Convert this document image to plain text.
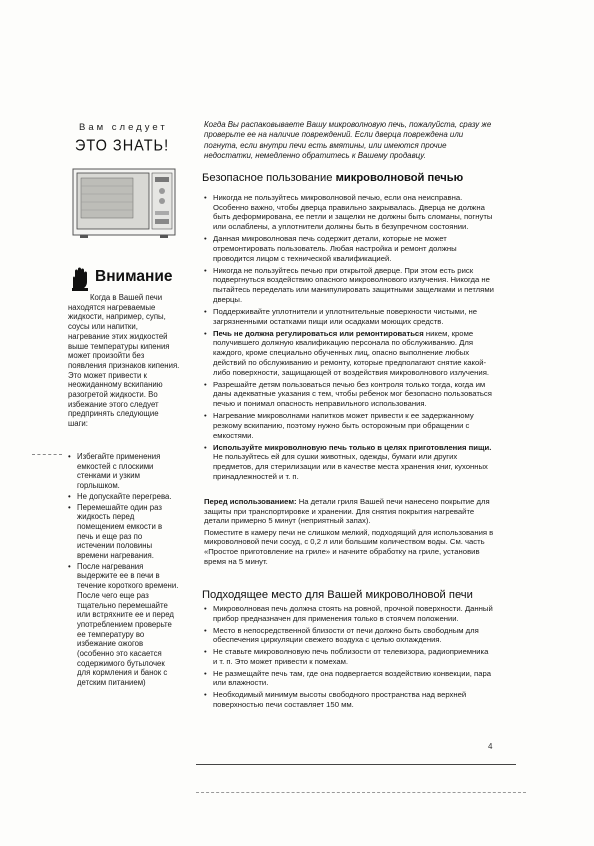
Вам следует
ЭТО ЗНАТЬ!
Внимание

Когда в Вашей печи находятся нагреваемые жидкости, например, супы, соусы или напитки, нагревание этих жидкостей выше температуры кипения может произойти без появления признаков кипения. Это может привести к неожиданному вскипанию разогретой жидкости. Во избежание этого следует предпринять следующие шаги:

• Избегайте применения емкостей с плоскими стенками и узким горлышком.
• Не допускайте перегрева.
• Перемешайте один раз жидкость перед помещением емкости в печь и еще раз по истечении половины времени нагревания.
• После нагревания выдержите ее в печи в течение короткого времени. После чего еще раз тщательно перемешайте или встряхните ее и перед употреблением проверьте ее температуру во избежание ожогов (особенно это касается содержимого бутылочек для кормления и банок с детским питанием)
Когда Вы распаковываете Вашу микроволновую печь, пожалуйста, сразу же проверьте ее на наличие повреждений. Если дверца повреждена или погнута, если внутри печи есть вмятины, или имеются прочие недостатки, немедленно обратитесь к Вашему продавцу.
Безопасное пользование микроволновой печью
• Никогда не пользуйтесь микроволновой печью, если она неисправна. Особенно важно, чтобы дверца правильно закрывалась. Дверца не должна быть деформирована, ее петли и защелки не должны быть сломаны, погнуты или ослаблены, а уплотнители должны быть в безупречном состоянии.
• Данная микроволновая печь содержит детали, которые не может отремонтировать пользователь. Любая настройка и ремонт должны проводится лицом с технической квалификацией.
• Никогда не пользуйтесь печью при открытой дверце. При этом есть риск подвергнуться воздействию опасного микроволнового излучения. Никогда не пытайтесь переделать или манипулировать защитными защелками и петлями дверцы.
• Поддерживайте уплотнители и уплотнительные поверхности чистыми, не загрязненными остатками пищи или осадками моющих средств.
• Печь не должна регулироваться или ремонтироваться никем, кроме получившего должную квалификацию персонала по обслуживанию. Для каждого, кроме специально обученных лиц, опасно выполнение любых действий по обслуживанию и ремонту, которые предполагают снятие какой-либо поверхности, защищающей от воздействия микроволнового излучения.
• Разрешайте детям пользоваться печью без контроля только тогда, когда им даны адекватные указания с тем, чтобы ребенок мог безопасно пользоваться печью и понимал опасность неправильного использования.
• Нагревание микроволнами напитков может привести к ее задержанному резкому вскипанию, поэтому нужно быть осторожным при обращении с емкостями.
• Используйте микроволновую печь только в целях приготовления пищи. Не пользуйтесь ей для сушки животных, одежды, бумаги или других предметов, для стерилизации или в качестве места хранения книг, кухонных принадлежностей и т. п.

Перед использованием: На детали гриля Вашей печи нанесено покрытие для защиты при транспортировке и хранении. Для снятия покрытия нагревайте детали примерно 5 минут (неприятный запах).

Поместите в камеру печи не слишком мелкий, подходящий для использования в микроволновой печи сосуд, с 0,2 л или большим количеством воды. См. часть «Простое приготовление на гриле» и начните обработку на гриле, установив время на 5 минут.

Подходящее место для Вашей микроволновой печи
• Микроволновая печь должна стоять на ровной, прочной поверхности. Данный прибор предназначен для применения только в стоячем положении.
• Место в непосредственной близости от печи должно быть свободным для обеспечения циркуляции свежего воздуха с целью охлаждения.
• Не ставьте микроволновую печь поблизости от телевизора, радиоприемника и т. п. Это может привести к помехам.
• Не размещайте печь там, где она подвергается воздействию конвекции, пара или влажности.
• Необходимый минимум высоты свободного пространства над верхней поверхностью печи составляет 150 мм.
4
